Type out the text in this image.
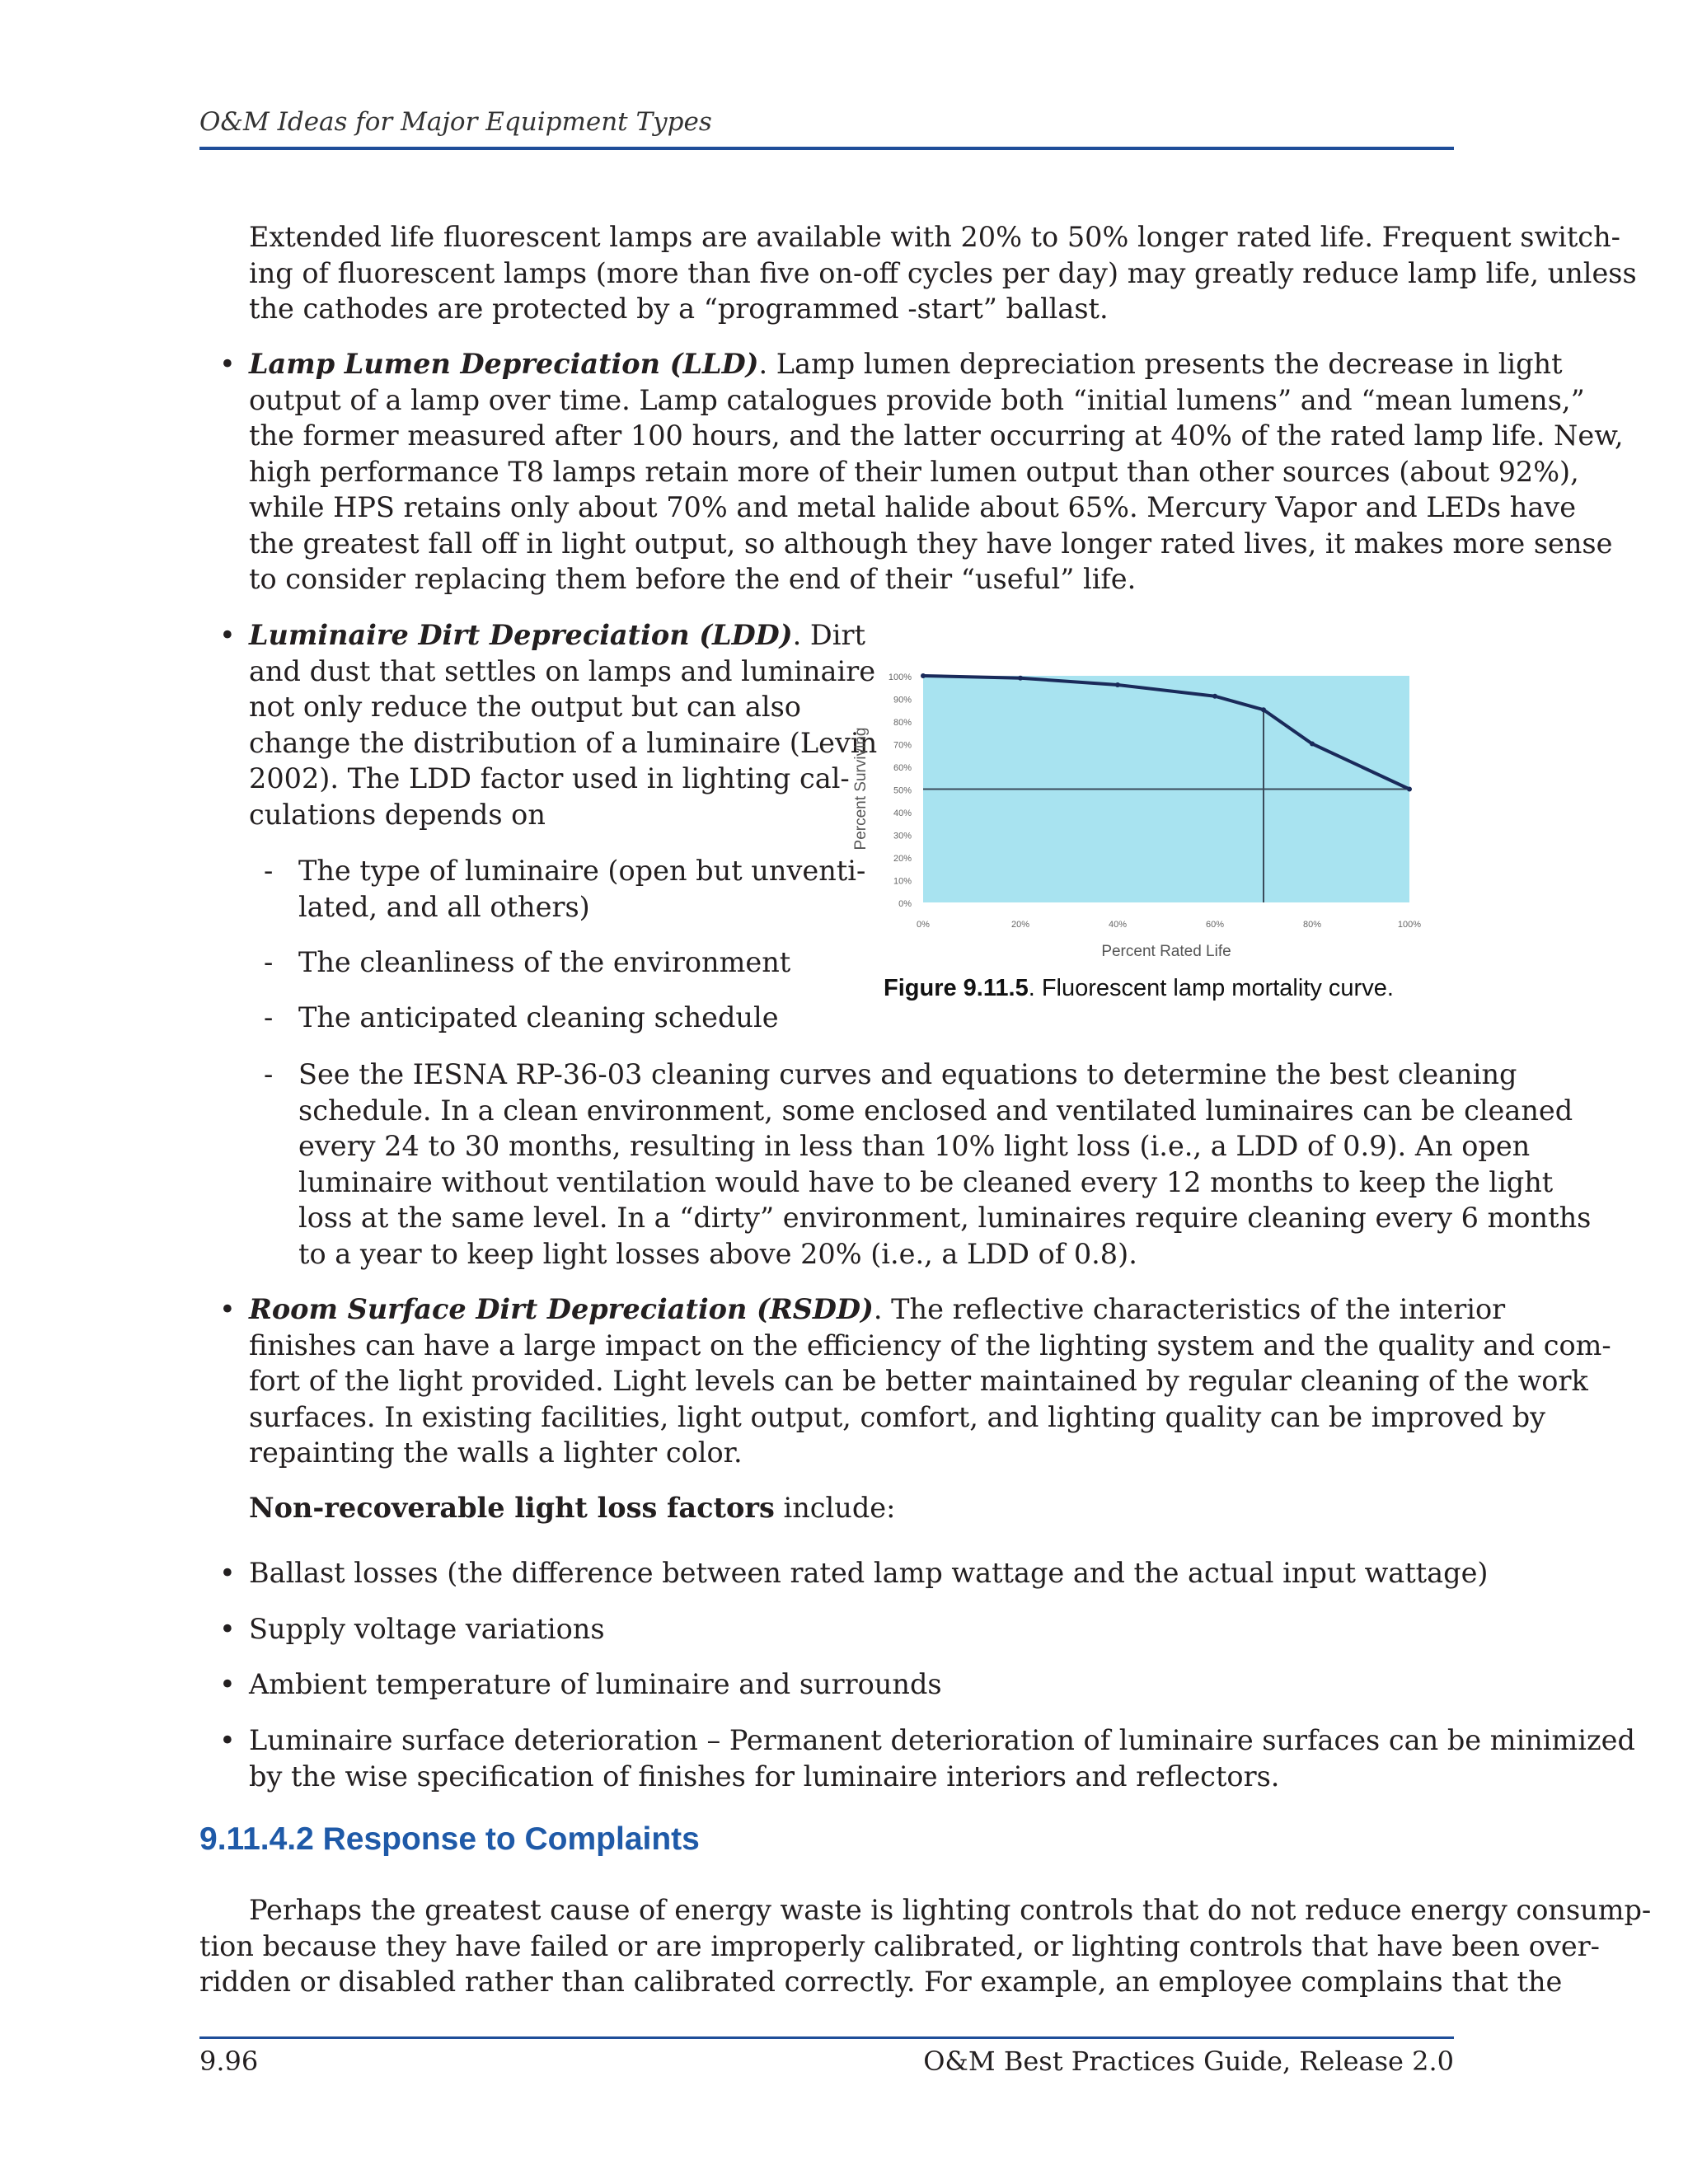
O&M Ideas for Major Equipment Types
Extended life fluorescent lamps are available with 20% to 50% longer rated life. Frequent switch-
ing of fluorescent lamps (more than five on-off cycles per day) may greatly reduce lamp life, unless
the cathodes are protected by a “programmed -start” ballast.
• Lamp Lumen Depreciation (LLD). Lamp lumen depreciation presents the decrease in light
output of a lamp over time. Lamp catalogues provide both “initial lumens” and “mean lumens,”
the former measured after 100 hours, and the latter occurring at 40% of the rated lamp life. New,
high performance T8 lamps retain more of their lumen output than other sources (about 92%),
while HPS retains only about 70% and metal halide about 65%. Mercury Vapor and LEDs have
the greatest fall off in light output, so although they have longer rated lives, it makes more sense
to consider replacing them before the end of their “useful” life.
• Luminaire Dirt Depreciation (LDD). Dirt
and dust that settles on lamps and luminaire
not only reduce the output but can also
change the distribution of a luminaire (Levin
2002). The LDD factor used in lighting cal-
culations depends on
- The type of luminaire (open but unventi-
lated, and all others)
- The cleanliness of the environment
- The anticipated cleaning schedule
- See the IESNA RP-36-03 cleaning curves and equations to determine the best cleaning
schedule. In a clean environment, some enclosed and ventilated luminaires can be cleaned
every 24 to 30 months, resulting in less than 10% light loss (i.e., a LDD of 0.9). An open
luminaire without ventilation would have to be cleaned every 12 months to keep the light
loss at the same level. In a “dirty” environment, luminaires require cleaning every 6 months
to a year to keep light losses above 20% (i.e., a LDD of 0.8).
• Room Surface Dirt Depreciation (RSDD). The reflective characteristics of the interior
finishes can have a large impact on the efficiency of the lighting system and the quality and com-
fort of the light provided. Light levels can be better maintained by regular cleaning of the work
surfaces. In existing facilities, light output, comfort, and lighting quality can be improved by
repainting the walls a lighter color.
Non-recoverable light loss factors include:
• Ballast losses (the difference between rated lamp wattage and the actual input wattage)
• Supply voltage variations
• Ambient temperature of luminaire and surrounds
• Luminaire surface deterioration – Permanent deterioration of luminaire surfaces can be minimized
by the wise specification of finishes for luminaire interiors and reflectors.
9.11.4.2 Response to Complaints
Perhaps the greatest cause of energy waste is lighting controls that do not reduce energy consump-
tion because they have failed or are improperly calibrated, or lighting controls that have been over-
ridden or disabled rather than calibrated correctly. For example, an employee complains that the
100%
90%
80%
70%
60%
50%
40%
30%
20%
10%
0%
0%	20%	40%	60%	80%	100%
Percent Rated Life
Percent Surviving
Figure 9.11.5. Fluorescent lamp mortality curve.
9.96	O&M Best Practices Guide, Release 2.0
